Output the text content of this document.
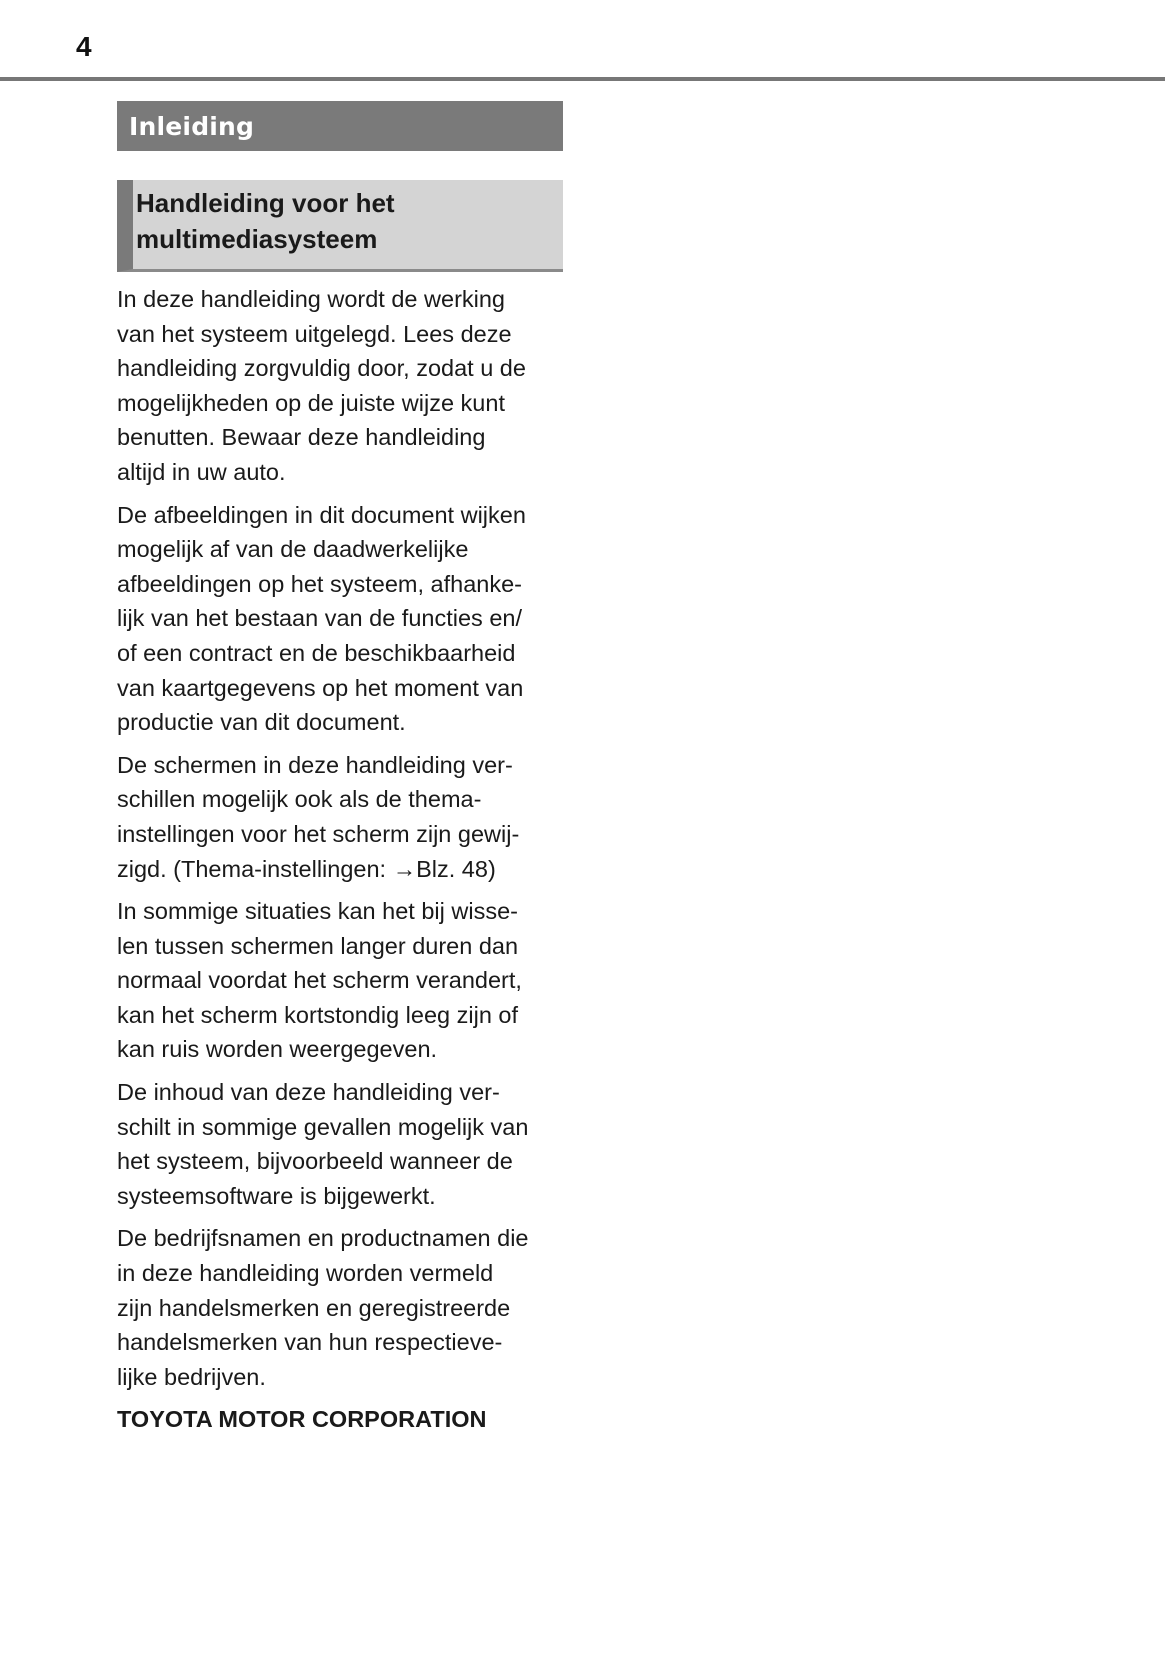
4
Inleiding
Handleiding voor het
multimediasysteem

In deze handleiding wordt de werking
van het systeem uitgelegd. Lees deze
handleiding zorgvuldig door, zodat u de
mogelijkheden op de juiste wijze kunt
benutten. Bewaar deze handleiding
altijd in uw auto.

De afbeeldingen in dit document wijken
mogelijk af van de daadwerkelijke
afbeeldingen op het systeem, afhanke-
lijk van het bestaan van de functies en/
of een contract en de beschikbaarheid
van kaartgegevens op het moment van
productie van dit document.

De schermen in deze handleiding ver-
schillen mogelijk ook als de thema-
instellingen voor het scherm zijn gewij-
zigd. (Thema-instellingen: →Blz. 48)

In sommige situaties kan het bij wisse-
len tussen schermen langer duren dan
normaal voordat het scherm verandert,
kan het scherm kortstondig leeg zijn of
kan ruis worden weergegeven.

De inhoud van deze handleiding ver-
schilt in sommige gevallen mogelijk van
het systeem, bijvoorbeeld wanneer de
systeemsoftware is bijgewerkt.

De bedrijfsnamen en productnamen die
in deze handleiding worden vermeld
zijn handelsmerken en geregistreerde
handelsmerken van hun respectieve-
lijke bedrijven.

TOYOTA MOTOR CORPORATION
